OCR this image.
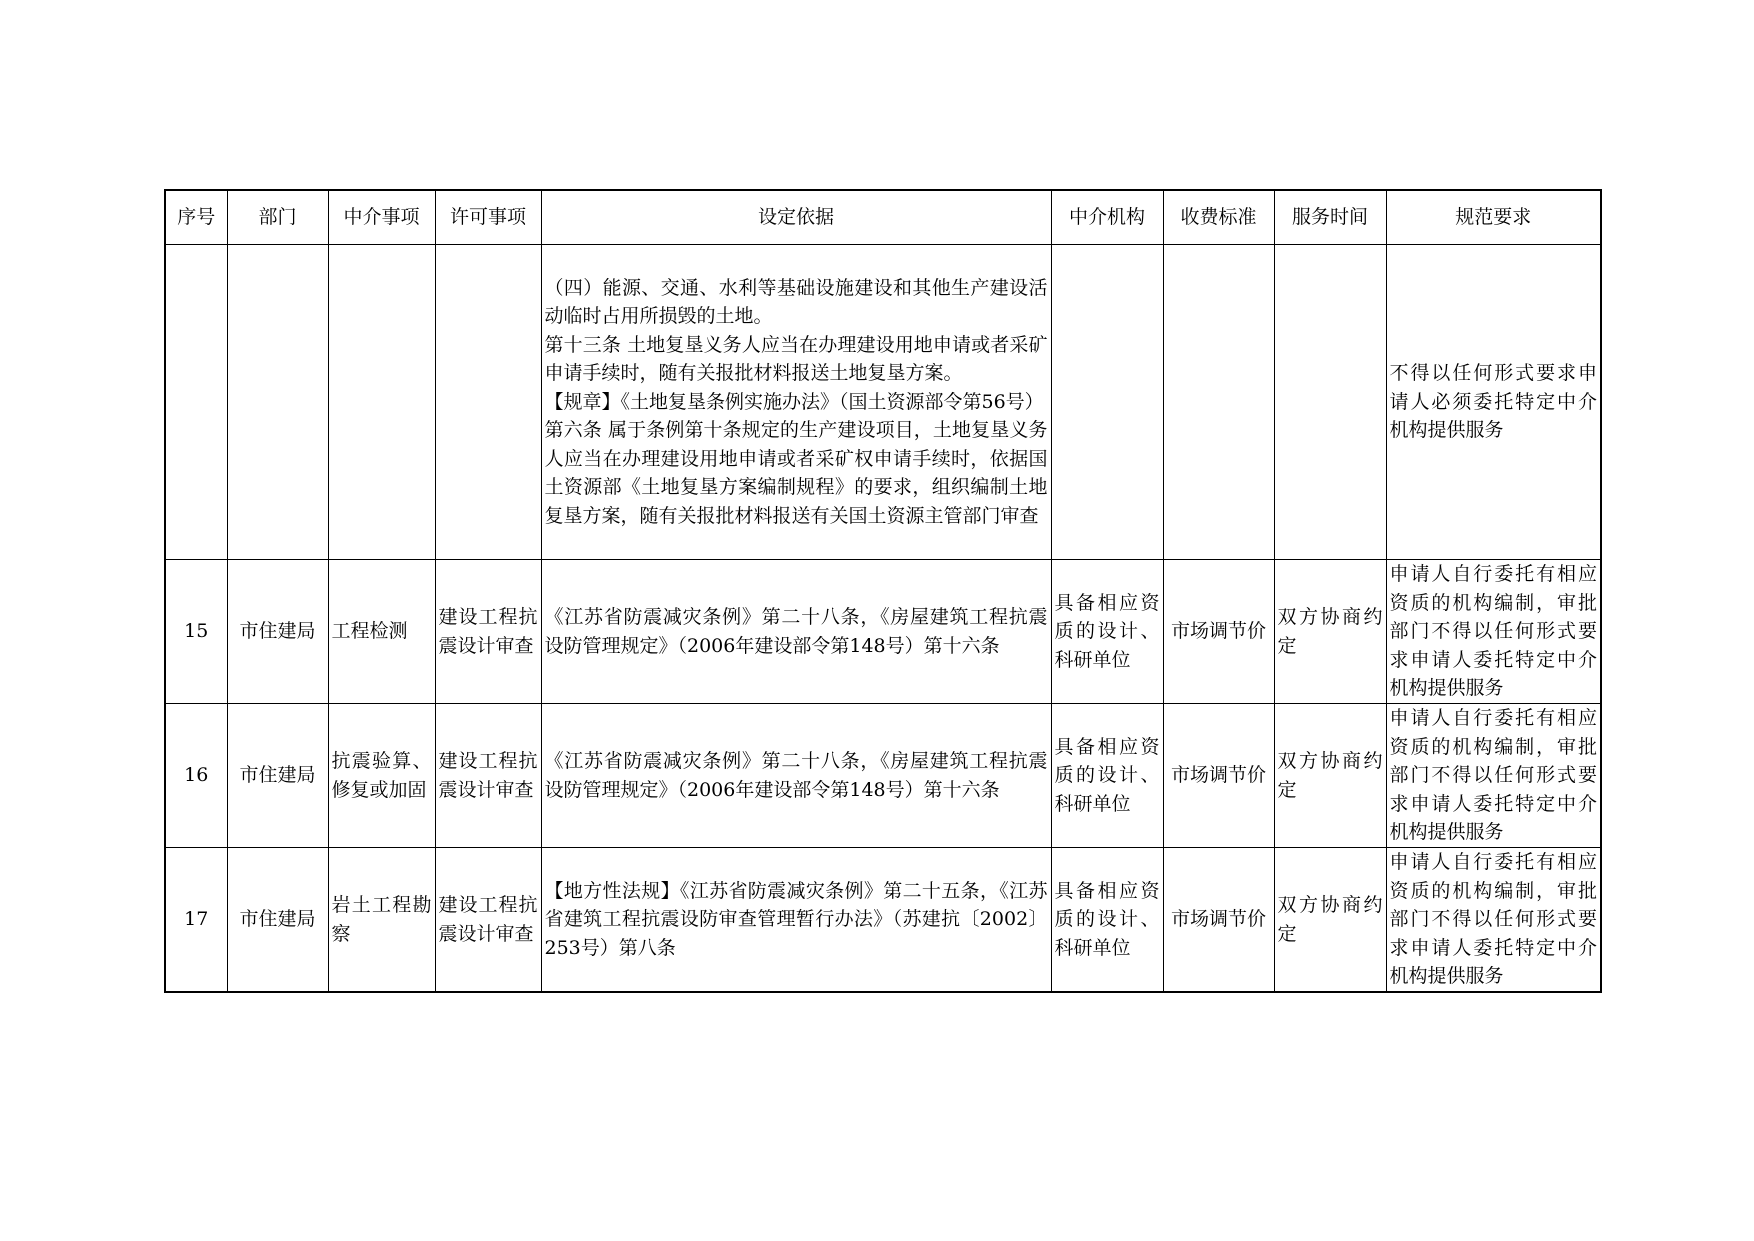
序号	部门	中介事项	许可事项	设定依据	中介机构	收费标准	服务时间	规范要求

				（四）能源、交通、水利等基础设施建设和其他生产建设活动临时占用所损毁的土地。
第十三条 土地复垦义务人应当在办理建设用地申请或者采矿申请手续时，随有关报批材料报送土地复垦方案。
【规章】《土地复垦条例实施办法》（国土资源部令第56号）
第六条 属于条例第十条规定的生产建设项目，土地复垦义务人应当在办理建设用地申请或者采矿权申请手续时，依据国土资源部《土地复垦方案编制规程》的要求，组织编制土地复垦方案，随有关报批材料报送有关国土资源主管部门审查				不得以任何形式要求申请人必须委托特定中介机构提供服务
15	市住建局	工程检测	建设工程抗震设计审查	《江苏省防震减灾条例》第二十八条，《房屋建筑工程抗震设防管理规定》（2006年建设部令第148号）第十六条	具备相应资质的设计、科研单位	市场调节价	双方协商约定	申请人自行委托有相应资质的机构编制，审批部门不得以任何形式要求申请人委托特定中介机构提供服务
16	市住建局	抗震验算、修复或加固	建设工程抗震设计审查	《江苏省防震减灾条例》第二十八条，《房屋建筑工程抗震设防管理规定》（2006年建设部令第148号）第十六条	具备相应资质的设计、科研单位	市场调节价	双方协商约定	申请人自行委托有相应资质的机构编制，审批部门不得以任何形式要求申请人委托特定中介机构提供服务
17	市住建局	岩土工程勘察	建设工程抗震设计审查	【地方性法规】《江苏省防震减灾条例》第二十五条，《江苏省建筑工程抗震设防审查管理暂行办法》（苏建抗〔2002〕253号）第八条	具备相应资质的设计、科研单位	市场调节价	双方协商约定	申请人自行委托有相应资质的机构编制，审批部门不得以任何形式要求申请人委托特定中介机构提供服务
